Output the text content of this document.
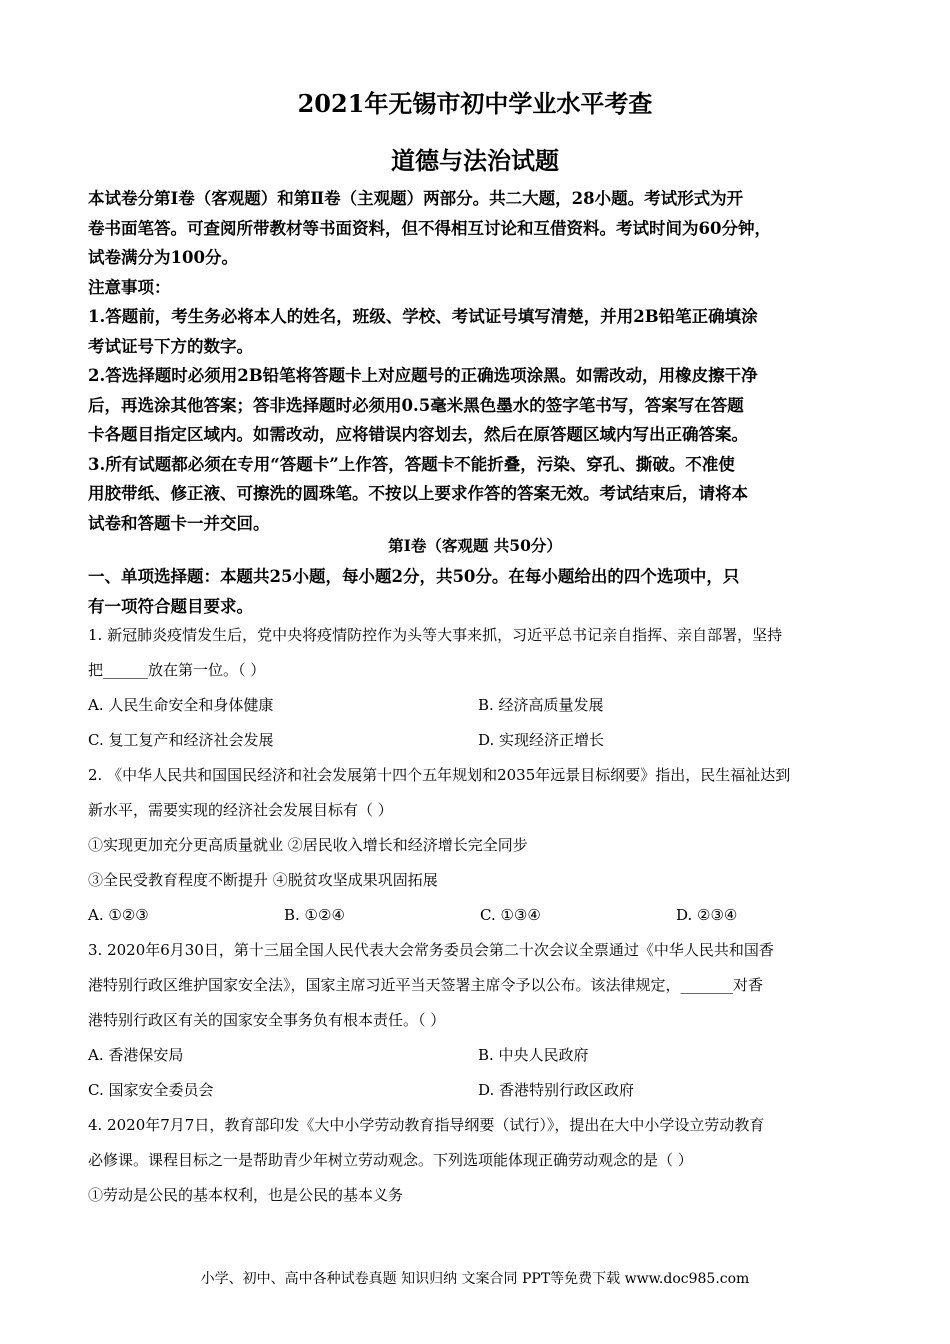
2021年无锡市初中学业水平考查
道德与法治试题

本试卷分第Ⅰ卷（客观题）和第Ⅱ卷（主观题）两部分。共二大题，28小题。考试形式为开

卷书面笔答。可查阅所带教材等书面资料，但不得相互讨论和互借资料。考试时间为60分钟，

试卷满分为100分。

注意事项：

1.答题前，考生务必将本人的姓名，班级、学校、考试证号填写清楚，并用2B铅笔正确填涂

考试证号下方的数字。

2.答选择题时必须用2B铅笔将答题卡上对应题号的正确选项涂黑。如需改动，用橡皮擦干净

后，再选涂其他答案；答非选择题时必须用0.5毫米黑色墨水的签字笔书写，答案写在答题

卡各题目指定区域内。如需改动，应将错误内容划去，然后在原答题区域内写出正确答案。

3.所有试题都必须在专用“答题卡”上作答，答题卡不能折叠，污染、穿孔、撕破。不准使

用胶带纸、修正液、可擦洗的圆珠笔。不按以上要求作答的答案无效。考试结束后，请将本

试卷和答题卡一并交回。

第Ⅰ卷（客观题 共50分）
一、单项选择题：本题共25小题，每小题2分，共50分。在每小题给出的四个选项中，只
有一项符合题目要求。

1. 新冠肺炎疫情发生后，党中央将疫情防控作为头等大事来抓，习近平总书记亲自指挥、亲自部署，坚持

把______放在第一位。（ ）

A. 人民生命安全和身体健康	B. 经济高质量发展
C. 复工复产和经济社会发展	D. 实现经济正增长

2. 《中华人民共和国国民经济和社会发展第十四个五年规划和2035年远景目标纲要》指出，民生福祉达到

新水平，需要实现的经济社会发展目标有（ ）

①实现更加充分更高质量就业 ②居民收入增长和经济增长完全同步

③全民受教育程度不断提升 ④脱贫攻坚成果巩固拓展

A. ①②③	B. ①②④	C. ①③④	D. ②③④

3. 2020年6月30日，第十三届全国人民代表大会常务委员会第二十次会议全票通过《中华人民共和国香

港特别行政区维护国家安全法》，国家主席习近平当天签署主席令予以公布。该法律规定，_______对香

港特别行政区有关的国家安全事务负有根本责任。（ ）

A. 香港保安局	B. 中央人民政府
C. 国家安全委员会	D. 香港特别行政区政府

4. 2020年7月7日，教育部印发《大中小学劳动教育指导纲要（试行）》，提出在大中小学设立劳动教育

必修课。课程目标之一是帮助青少年树立劳动观念。下列选项能体现正确劳动观念的是（ ）

①劳动是公民的基本权利，也是公民的基本义务

小学、初中、高中各种试卷真题 知识归纳 文案合同 PPT等免费下载 www.doc985.com
